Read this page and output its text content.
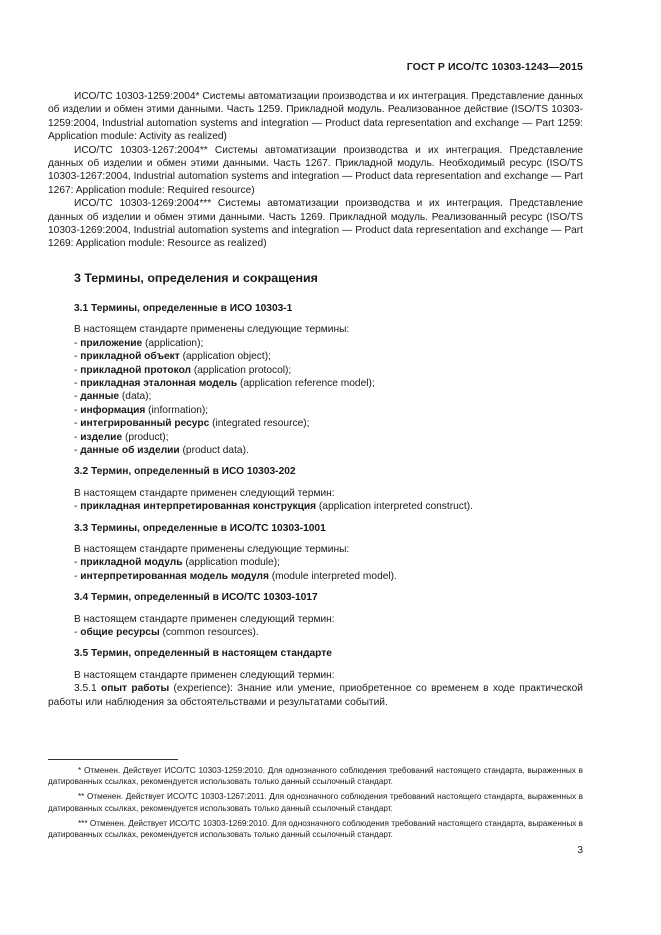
ГОСТ Р ИСО/ТС 10303-1243—2015

ИСО/ТС 10303-1259:2004* Системы автоматизации производства и их интеграция. Представление данных об изделии и обмен этими данными. Часть 1259. Прикладной модуль. Реализованное действие (ISO/TS 10303-1259:2004, Industrial automation systems and integration — Product data representation and exchange — Part 1259: Application module: Activity as realized)

ИСО/ТС 10303-1267:2004** Системы автоматизации производства и их интеграция. Представление данных об изделии и обмен этими данными. Часть 1267. Прикладной модуль. Необходимый ресурс (ISO/TS 10303-1267:2004, Industrial automation systems and integration — Product data representation and exchange — Part 1267: Application module: Required resource)

ИСО/ТС 10303-1269:2004*** Системы автоматизации производства и их интеграция. Представление данных об изделии и обмен этими данными. Часть 1269. Прикладной модуль. Реализованный ресурс (ISO/TS 10303-1269:2004, Industrial automation systems and integration — Product data representation and exchange — Part 1269: Application module: Resource as realized)

3 Термины, определения и сокращения
3.1 Термины, определенные в ИСО 10303-1

В настоящем стандарте применены следующие термины:

- приложение (application);

- прикладной объект (application object);

- прикладной протокол (application protocol);

- прикладная эталонная модель (application reference model);

- данные (data);

- информация (information);

- интегрированный ресурс (integrated resource);

- изделие (product);

- данные об изделии (product data).

3.2 Термин, определенный в ИСО 10303-202

В настоящем стандарте применен следующий термин:

- прикладная интерпретированная конструкция (application interpreted construct).

3.3 Термины, определенные в ИСО/ТС 10303-1001

В настоящем стандарте применены следующие термины:

- прикладной модуль (application module);

- интерпретированная модель модуля (module interpreted model).

3.4 Термин, определенный в ИСО/ТС 10303-1017

В настоящем стандарте применен следующий термин:

- общие ресурсы (common resources).

3.5 Термин, определенный в настоящем стандарте

В настоящем стандарте применен следующий термин:

3.5.1 опыт работы (experience): Знание или умение, приобретенное со временем в ходе практической работы или наблюдения за обстоятельствами и результатами событий.

* Отменен. Действует ИСО/ТС 10303-1259:2010. Для однозначного соблюдения требований настоящего стандарта, выраженных в датированных ссылках, рекомендуется использовать только данный ссылочный стандарт.

** Отменен. Действует ИСО/ТС 10303-1267:2011. Для однозначного соблюдения требований настоящего стандарта, выраженных в датированных ссылках, рекомендуется использовать только данный ссылочный стандарт.

*** Отменен. Действует ИСО/ТС 10303-1269:2010. Для однозначного соблюдения требований настоящего стандарта, выраженных в датированных ссылках, рекомендуется использовать только данный ссылочный стандарт.

3
